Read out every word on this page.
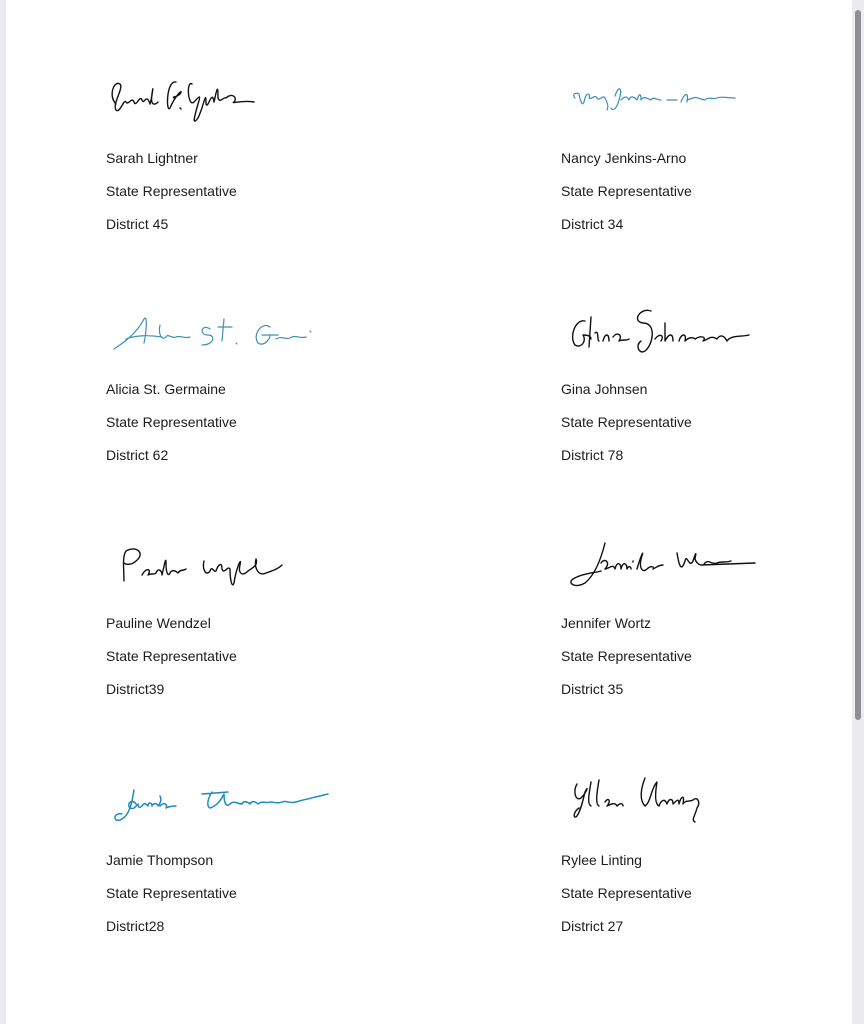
Sarah Lightner

State Representative

District 45

Nancy Jenkins-Arno

State Representative

District 34

Alicia St. Germaine

State Representative

District 62

Gina Johnsen

State Representative

District 78

Pauline Wendzel

State Representative

District39

Jennifer Wortz

State Representative

District 35

Jamie Thompson

State Representative

District28

Rylee Linting

State Representative

District 27
